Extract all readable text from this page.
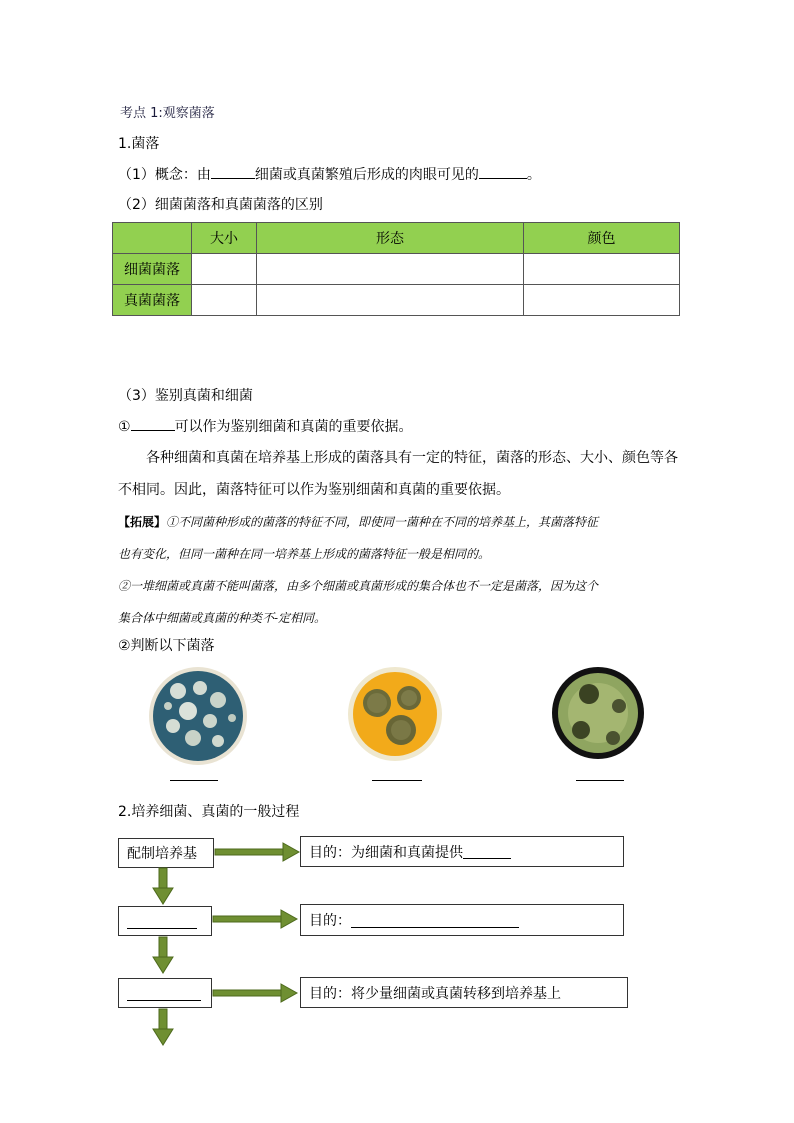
考点 1:观察菌落
1.菌落
（1）概念：由	细菌或真菌繁殖后形成的肉眼可见的	。
（2）细菌菌落和真菌菌落的区别
	大小	形态	颜色
细菌菌落			
真菌菌落			
（3）鉴别真菌和细菌
①	可以作为鉴别细菌和真菌的重要依据。
各种细菌和真菌在培养基上形成的菌落具有一定的特征，菌落的形态、大小、颜色等各
不相同。因此，菌落特征可以作为鉴别细菌和真菌的重要依据。
【拓展】①不同菌种形成的菌落的特征不同，即使同一菌种在不同的培养基上，其菌落特征
也有变化，但同一菌种在同一培养基上形成的菌落特征一般是相同的。
②一堆细菌或真菌不能叫菌落，由多个细菌或真菌形成的集合体也不一定是菌落，因为这个
集合体中细菌或真菌的种类不-定相同。
②判断以下菌落
2.培养细菌、真菌的一般过程
配制培养基	目的： 为细菌和真菌提供
目的：
目的： 将少量细菌或真菌转移到培养基上
